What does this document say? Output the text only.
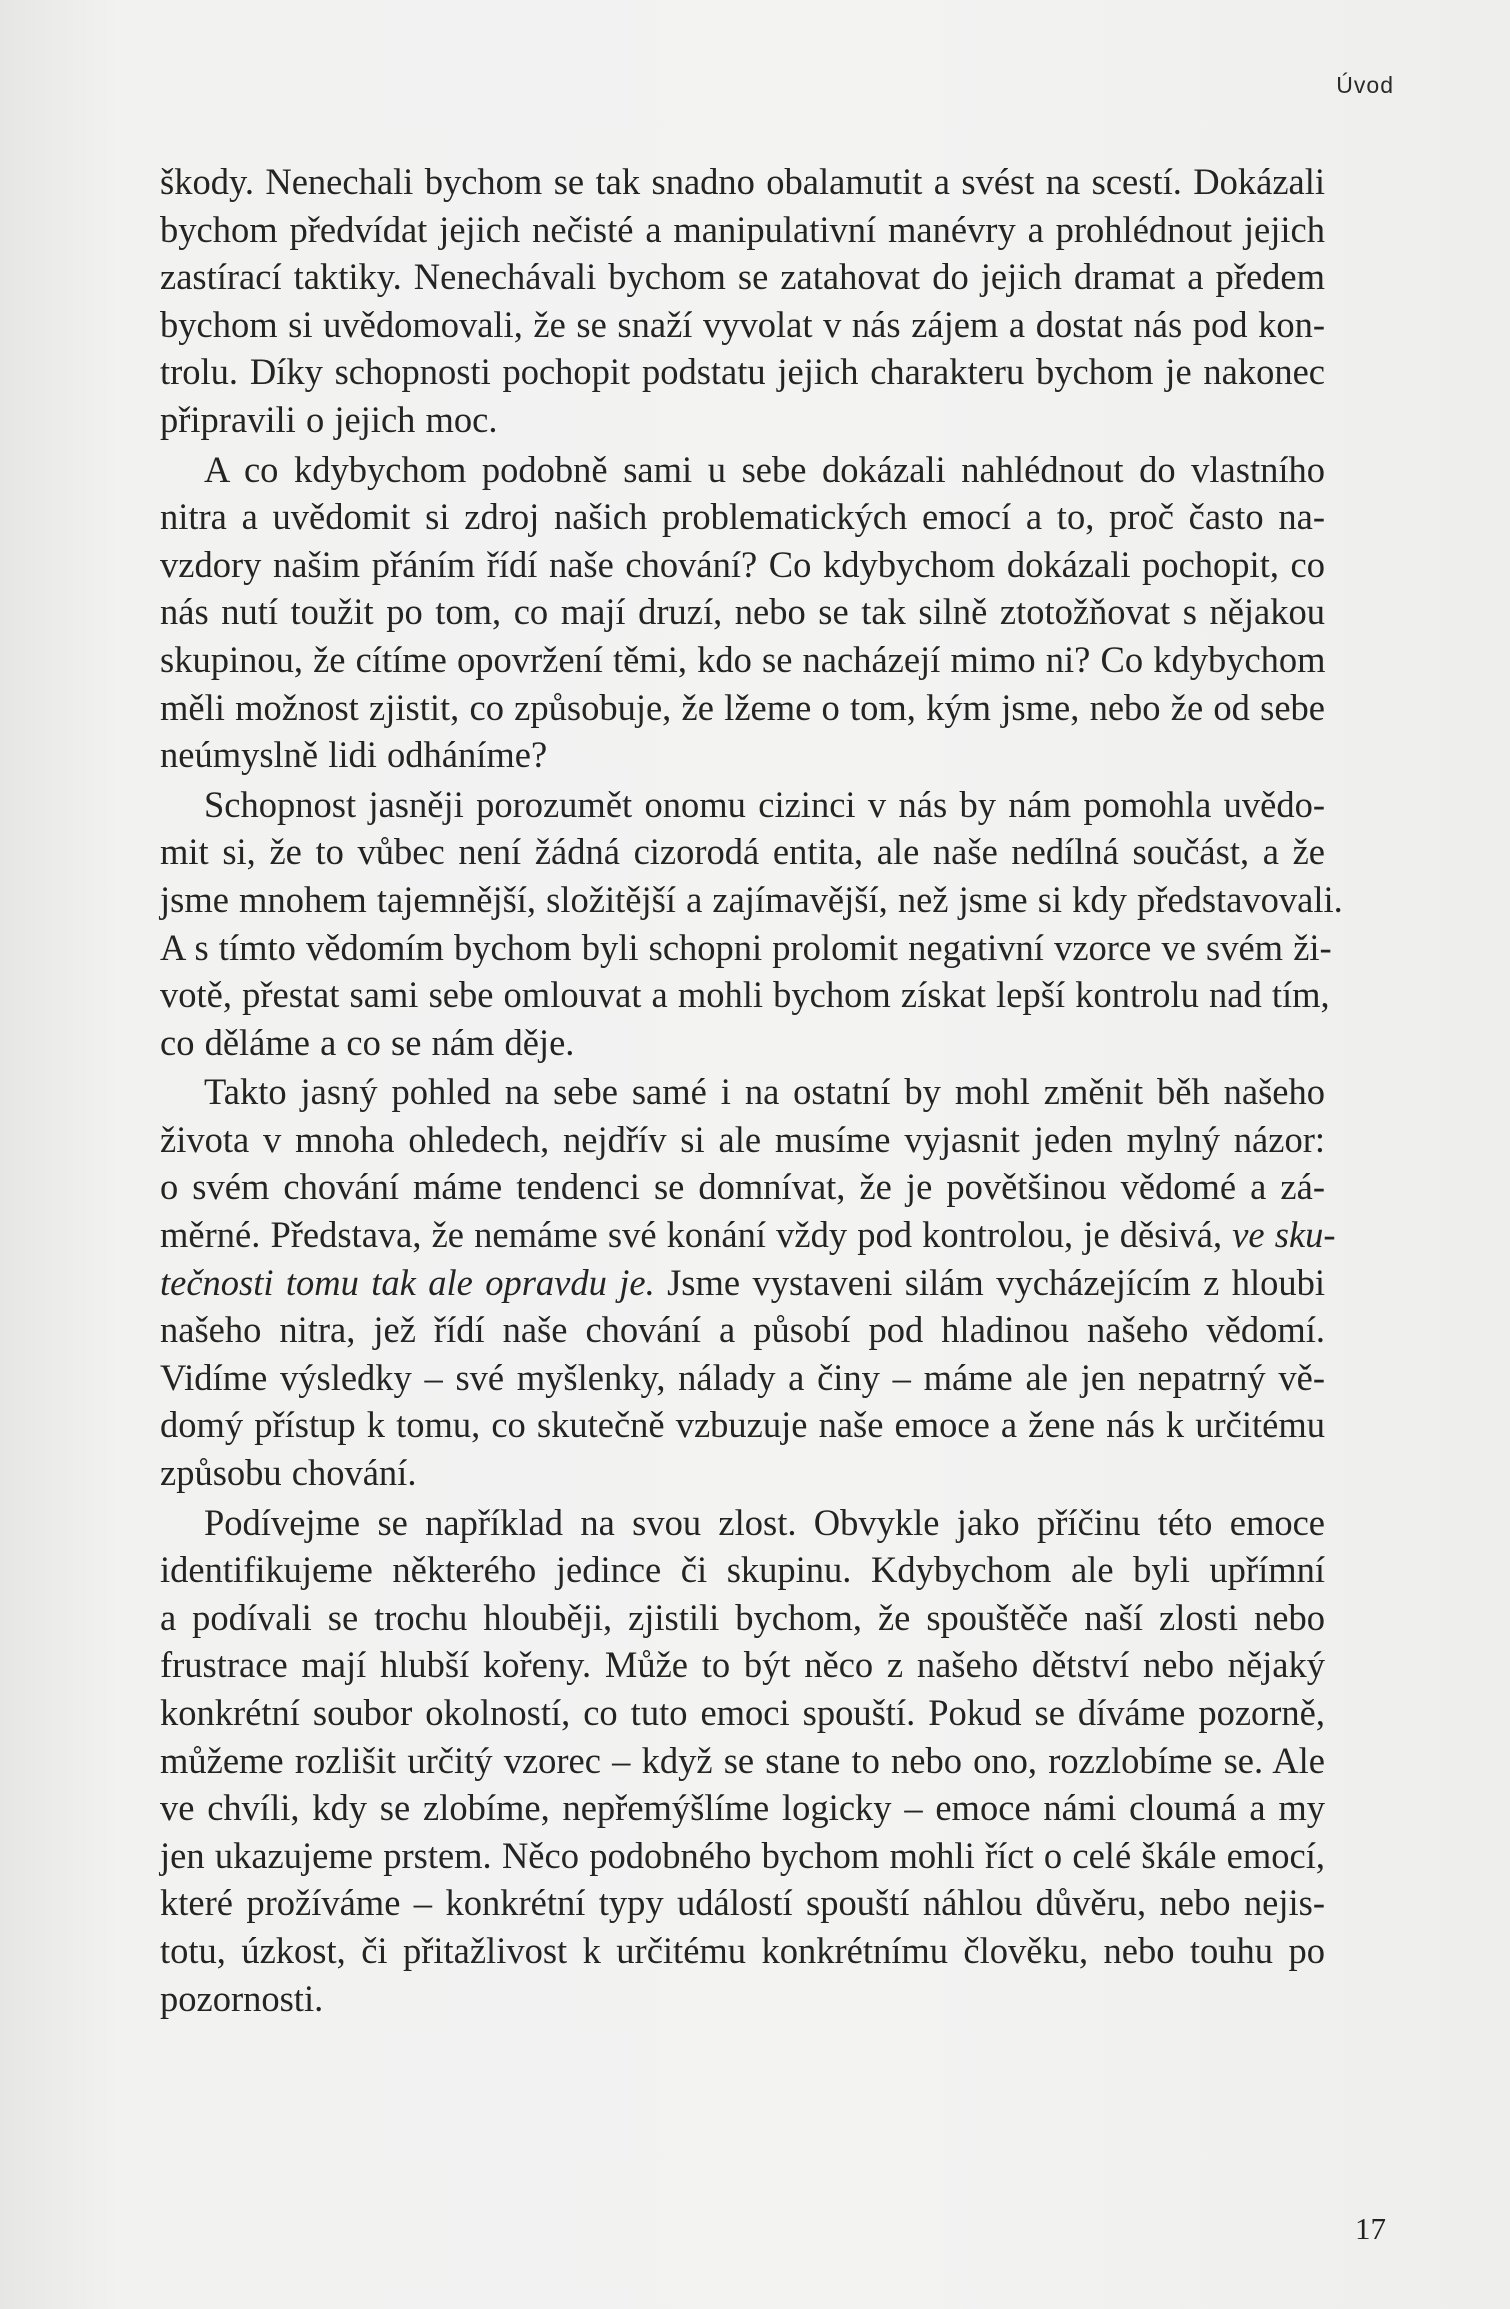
Úvod
škody. Nenechali bychom se tak snadno obalamutit a svést na scestí. Dokázali
bychom předvídat jejich nečisté a manipulativní manévry a prohlédnout jejich
zastírací taktiky. Nenechávali bychom se zatahovat do jejich dramat a předem
bychom si uvědomovali, že se snaží vyvolat v nás zájem a dostat nás pod kon-
trolu. Díky schopnosti pochopit podstatu jejich charakteru bychom je nakonec
připravili o jejich moc.
A co kdybychom podobně sami u sebe dokázali nahlédnout do vlastního
nitra a uvědomit si zdroj našich problematických emocí a to, proč často na-
vzdory našim přáním řídí naše chování? Co kdybychom dokázali pochopit, co
nás nutí toužit po tom, co mají druzí, nebo se tak silně ztotožňovat s nějakou
skupinou, že cítíme opovržení těmi, kdo se nacházejí mimo ni? Co kdybychom
měli možnost zjistit, co způsobuje, že lžeme o tom, kým jsme, nebo že od sebe
neúmyslně lidi odháníme?
Schopnost jasněji porozumět onomu cizinci v nás by nám pomohla uvědo-
mit si, že to vůbec není žádná cizorodá entita, ale naše nedílná součást, a že
jsme mnohem tajemnější, složitější a zajímavější, než jsme si kdy představovali.
A s tímto vědomím bychom byli schopni prolomit negativní vzorce ve svém ži-
votě, přestat sami sebe omlouvat a mohli bychom získat lepší kontrolu nad tím,
co děláme a co se nám děje.
Takto jasný pohled na sebe samé i na ostatní by mohl změnit běh našeho
života v mnoha ohledech, nejdřív si ale musíme vyjasnit jeden mylný názor:
o svém chování máme tendenci se domnívat, že je povětšinou vědomé a zá-
měrné. Představa, že nemáme své konání vždy pod kontrolou, je děsivá, ve sku-
tečnosti tomu tak ale opravdu je. Jsme vystaveni silám vycházejícím z hloubi
našeho nitra, jež řídí naše chování a působí pod hladinou našeho vědomí.
Vidíme výsledky – své myšlenky, nálady a činy – máme ale jen nepatrný vě-
domý přístup k tomu, co skutečně vzbuzuje naše emoce a žene nás k určitému
způsobu chování.
Podívejme se například na svou zlost. Obvykle jako příčinu této emoce
identifikujeme některého jedince či skupinu. Kdybychom ale byli upřímní
a podívali se trochu hlouběji, zjistili bychom, že spouštěče naší zlosti nebo
frustrace mají hlubší kořeny. Může to být něco z našeho dětství nebo nějaký
konkrétní soubor okolností, co tuto emoci spouští. Pokud se díváme pozorně,
můžeme rozlišit určitý vzorec – když se stane to nebo ono, rozzlobíme se. Ale
ve chvíli, kdy se zlobíme, nepřemýšlíme logicky – emoce námi cloumá a my
jen ukazujeme prstem. Něco podobného bychom mohli říct o celé škále emocí,
které prožíváme – konkrétní typy událostí spouští náhlou důvěru, nebo nejis-
totu, úzkost, či přitažlivost k určitému konkrétnímu člověku, nebo touhu po
pozornosti.
17
